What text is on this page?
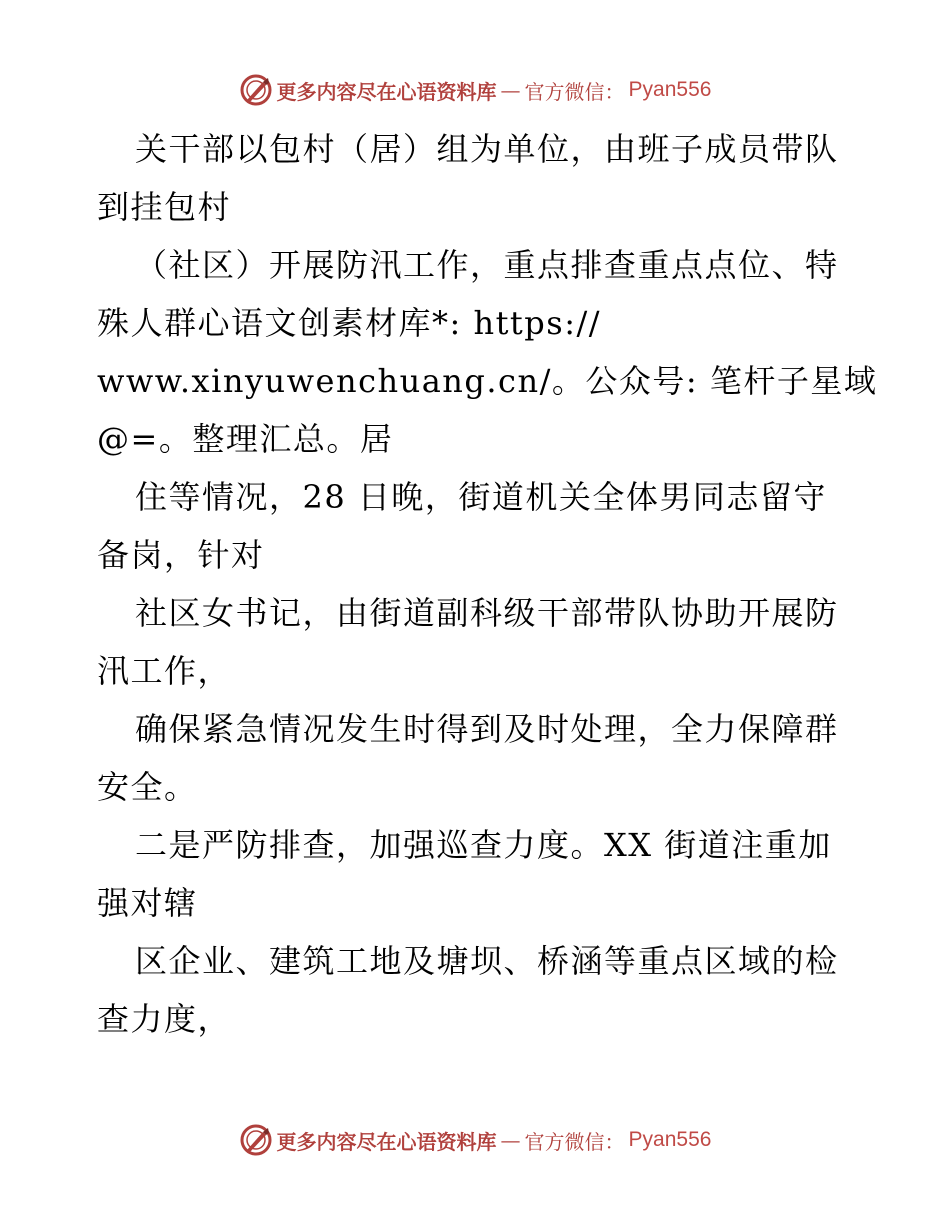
更多内容尽在心语资料库 — 官方微信： Pyan556
关干部以包村（居）组为单位，由班子成员带队
到挂包村
（社区）开展防汛工作，重点排查重点点位、特
殊人群心语文创素材库*: https://
www.xinyuwenchuang.cn/。公众号: 笔杆子星域
@=。整理汇总。居
住等情况，28 日晚，街道机关全体男同志留守
备岗，针对
社区女书记，由街道副科级干部带队协助开展防
汛工作，
确保紧急情况发生时得到及时处理，全力保障群
安全。
二是严防排查，加强巡查力度。XX 街道注重加
强对辖
区企业、建筑工地及塘坝、桥涵等重点区域的检
查力度，
更多内容尽在心语资料库 — 官方微信： Pyan556
